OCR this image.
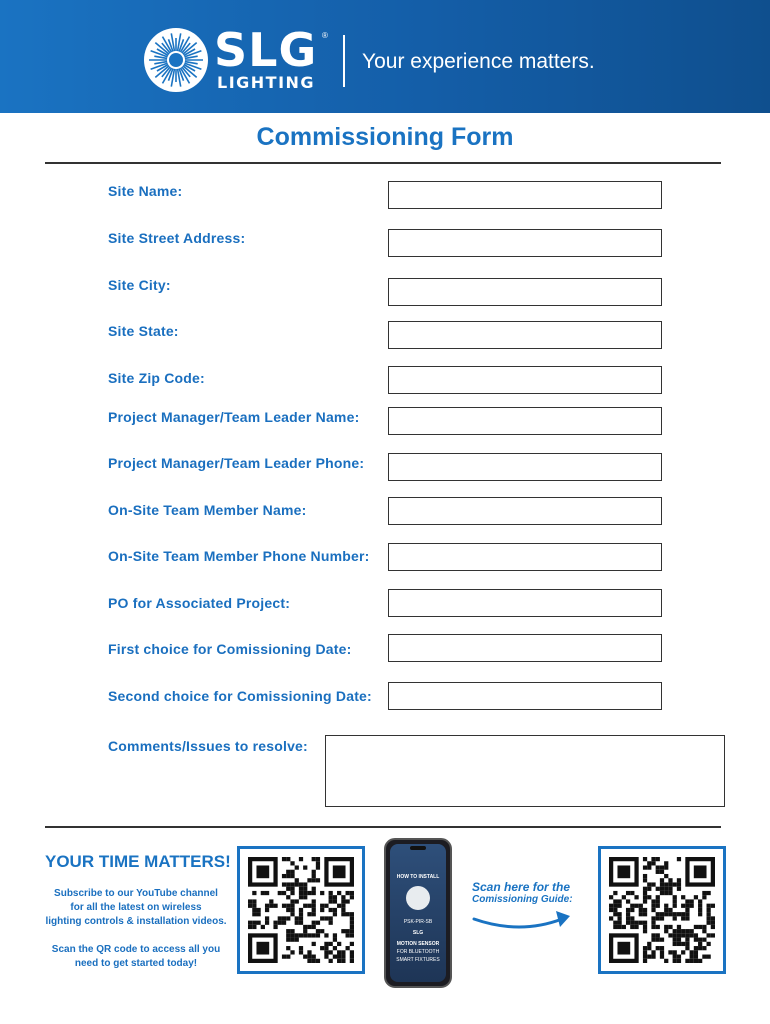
SLG ®
LIGHTING
Your experience matters.
Commissioning Form
Site Name:
Site Street Address:
Site City:
Site State:
Site Zip Code:
Project Manager/Team Leader Name:
Project Manager/Team Leader Phone:
On-Site Team Member Name:
On-Site Team Member Phone Number:
PO for Associated Project:
First choice for Comissioning Date:
Second choice for Comissioning Date:
Comments/Issues to resolve:
YOUR TIME MATTERS!
Subscribe to our YouTube channel
for all the latest on wireless
lighting controls & installation videos.
Scan the QR code to access all you
need to get started today!
HOW TO INSTALL
PSK-PIR-SB
SLG
MOTION SENSOR
FOR BLUETOOTH
SMART FIXTURES
Scan here for the
Comissioning Guide:
